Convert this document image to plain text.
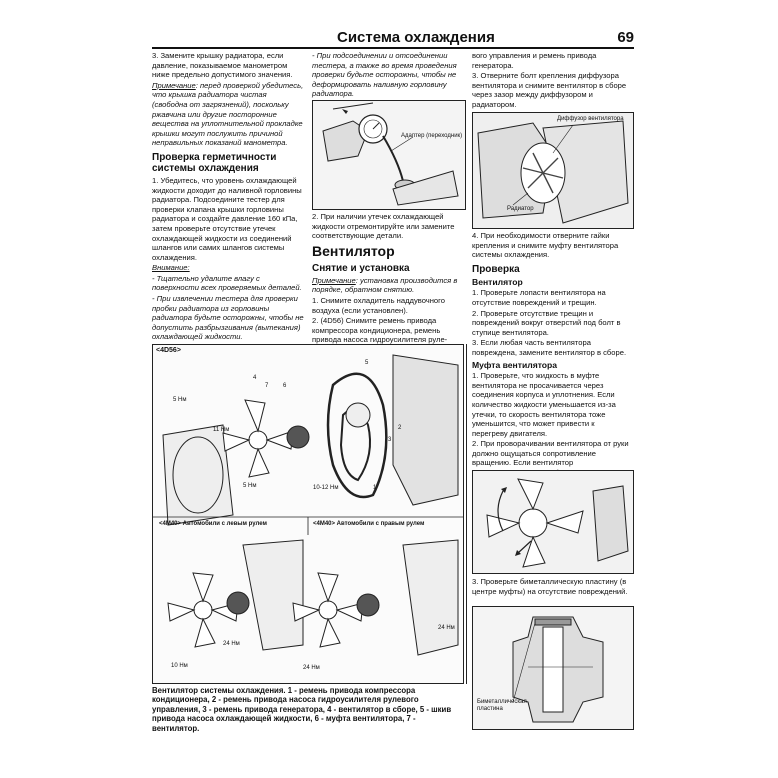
Система охлаждения	69

3. Замените крышку радиатора, если давление, показываемое манометром ниже предельно допустимого значения.

Примечание: перед проверкой убедитесь, что крышка радиатора чистая (свободна от загрязнений), поскольку ржавчина или другие посторонние вещества на уплотнительной прокладке крышки могут послужить причиной неправильных показаний манометра.

Проверка герметичности системы охлаждения

1. Убедитесь, что уровень охлаждающей жидкости доходит до наливной горловины радиатора. Подсоедините тестер для проверки клапана крышки горловины радиатора и создайте давление 160 кПа, затем проверьте отсутствие утечек охлаждающей жидкости из соединений шлангов или самих шлангов системы охлаждения.

Внимание:

- Тщательно удалите влагу с поверхности всех проверяемых деталей.

- При извлечении тестера для проверки пробки радиатора из горловины радиатора будьте осторожны, чтобы не допустить разбрызгивания (вытекания) охлаждающей жидкости.

- При подсоединении и отсоединении тестера, а также во время проведения проверки будьте осторожны, чтобы не деформировать наливную горловину радиатора.

Адаптер (переходник)

2. При наличии утечек охлаждающей жидкости отремонтируйте или замените соответствующие детали.

Вентилятор
Снятие и установка

Примечание: установка производится в порядке, обратном снятию.

1. Снимите охладитель наддувочного воздуха (если установлен).

2. (4D56) Снимите ремень привода компрессора кондиционера, ремень привода насоса гидроусилителя руле-

вого управления и ремень привода генератора.

3. Отверните болт крепления диффузора вентилятора и снимите вентилятор в сборе через зазор между диффузором и радиатором.

Диффузор вентилятора
Радиатор

4. При необходимости отверните гайки крепления и снимите муфту вентилятора системы охлаждения.

Проверка
Вентилятор

1. Проверьте лопасти вентилятора на отсутствие повреждений и трещин.

2. Проверьте отсутствие трещин и повреждений вокруг отверстий под болт в ступице вентилятора.

3. Если любая часть вентилятора повреждена, замените вентилятор в сборе.

Муфта вентилятора

1. Проверьте, что жидкость в муфте вентилятора не просачивается через соединения корпуса и уплотнения. Если количество жидкости уменьшается из-за утечки, то скорость вентилятора тоже уменьшится, что может привести к перегреву двигателя.

2. При проворачивании вентилятора от руки должно ощущаться сопротивление вращению. Если вентилятор

3. Проверьте биметаллическую пластину (в центре муфты) на отсутствие повреждений.

Биметаллическая пластина
<4D56>
5 Нм
11 Нм
5 Нм	10-12 Нм
4
6
7
5
2
3
1
<4M40> Автомобили с левым рулем	<4M40> Автомобили с правым рулем
24 Нм
10 Нм	24 Нм
24 Нм
Вентилятор системы охлаждения. 1 - ремень привода компрессора кондиционера, 2 - ремень привода насоса гидроусилителя рулевого управления, 3 - ремень привода генератора, 4 - вентилятор в сборе, 5 - шкив привода насоса охлаждающей жидкости, 6 - муфта вентилятора, 7 - вентилятор.
